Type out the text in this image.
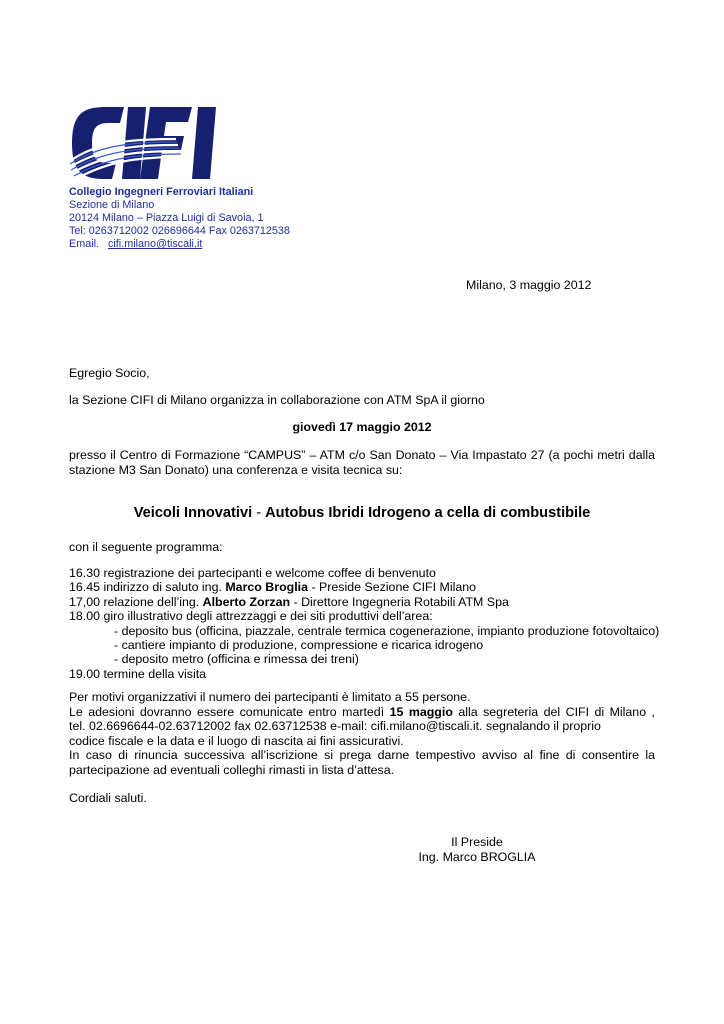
Collegio Ingegneri Ferroviari Italiani
Sezione di Milano
20124 Milano – Piazza Luigi di Savoia, 1
Tel: 0263712002 026696644 Fax 0263712538
Email. cifi.milano@tiscali.it
Milano, 3 maggio 2012
Egregio Socio,
la Sezione CIFI di Milano organizza in collaborazione con ATM SpA il giorno
giovedì 17 maggio 2012
presso il Centro di Formazione “CAMPUS” – ATM c/o San Donato – Via Impastato 27 (a pochi metri dalla stazione M3 San Donato) una conferenza e visita tecnica su:
Veicoli Innovativi - Autobus Ibridi Idrogeno a cella di combustibile
con il seguente programma:
16.30 registrazione dei partecipanti e welcome coffee di benvenuto
16.45 indirizzo di saluto ing. Marco Broglia - Preside Sezione CIFI Milano
17,00 relazione dell’ing. Alberto Zorzan - Direttore Ingegneria Rotabili ATM Spa
18.00 giro illustrativo degli attrezzaggi e dei siti produttivi dell’area:
- deposito bus (officina, piazzale, centrale termica cogenerazione, impianto produzione fotovoltaico)
- cantiere impianto di produzione, compressione e ricarica idrogeno
- deposito metro (officina e rimessa dei treni)
19.00 termine della visita
Per motivi organizzativi il numero dei partecipanti è limitato a 55 persone.
Le adesioni dovranno essere comunicate entro martedì 15 maggio alla segreteria del CIFI di Milano ,
tel. 02.6696644-02.63712002 fax 02.63712538 e-mail: cifi.milano@tiscali.it. segnalando il proprio
codice fiscale e la data e il luogo di nascita ai fini assicurativi.
In caso di rinuncia successiva all’iscrizione si prega darne tempestivo avviso al fine di consentire la
partecipazione ad eventuali colleghi rimasti in lista d’attesa.
Cordiali saluti.
Il Preside
Ing. Marco BROGLIA
